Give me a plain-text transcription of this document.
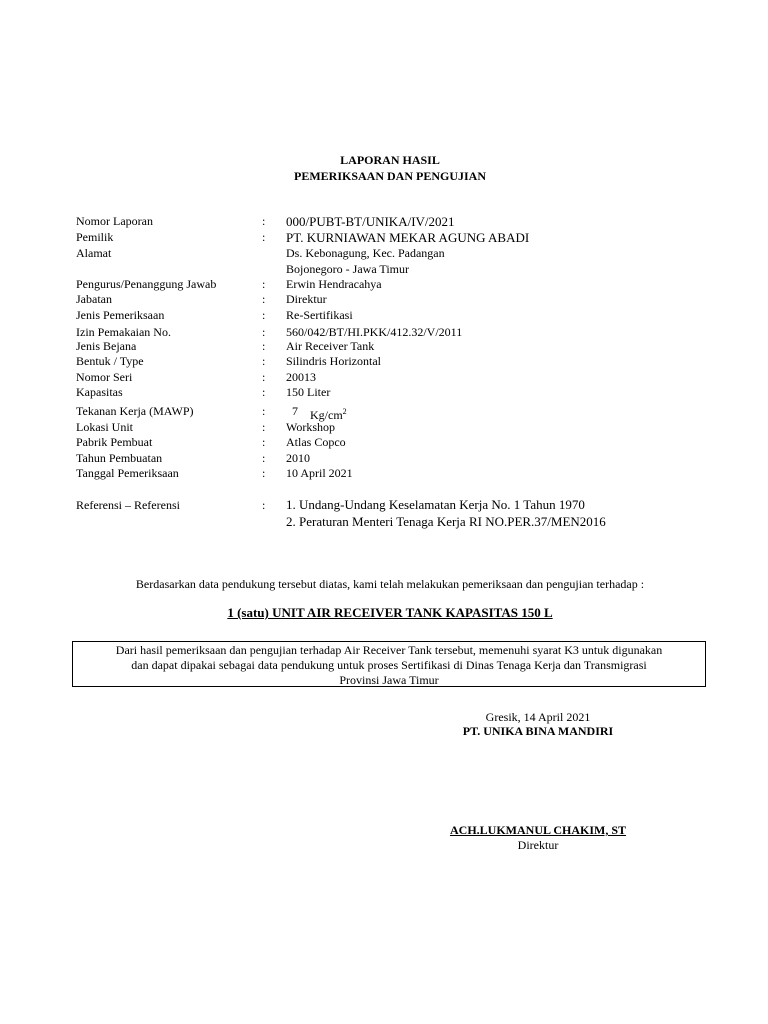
LAPORAN HASIL
PEMERIKSAAN DAN PENGUJIAN
Nomor Laporan	:	000/PUBT-BT/UNIKA/IV/2021
Pemilik	:	PT. KURNIAWAN MEKAR AGUNG ABADI
Alamat	Ds. Kebonagung, Kec. Padangan
Bojonegoro - Jawa Timur
Pengurus/Penanggung Jawab	:	Erwin Hendracahya
Jabatan	:	Direktur
Jenis Pemeriksaan	:	Re-Sertifikasi
Izin Pemakaian No.	:	560/042/BT/HI.PKK/412.32/V/2011
Jenis Bejana	:	Air Receiver Tank
Bentuk / Type	:	Silindris Horizontal
Nomor Seri	:	20013
Kapasitas	:	150 Liter
Tekanan Kerja (MAWP)	:	7 $Kg/cm^2$
Lokasi Unit	:	Workshop
Pabrik Pembuat	:	Atlas Copco
Tahun Pembuatan	:	2010
Tanggal Pemeriksaan	:	10 April 2021
Referensi – Referensi	:	1. Undang-Undang Keselamatan Kerja No. 1 Tahun 1970
2. Peraturan Menteri Tenaga Kerja RI NO.PER.37/MEN2016
Berdasarkan data pendukung tersebut diatas, kami telah melakukan pemeriksaan dan pengujian terhadap :
1 (satu) UNIT AIR RECEIVER TANK KAPASITAS 150 L
Dari hasil pemeriksaan dan pengujian terhadap Air Receiver Tank tersebut, memenuhi syarat K3 untuk digunakan
dan dapat dipakai sebagai data pendukung untuk proses Sertifikasi di Dinas Tenaga Kerja dan Transmigrasi
Provinsi Jawa Timur
Gresik, 14 April 2021
PT. UNIKA BINA MANDIRI
ACH.LUKMANUL CHAKIM, ST
Direktur
